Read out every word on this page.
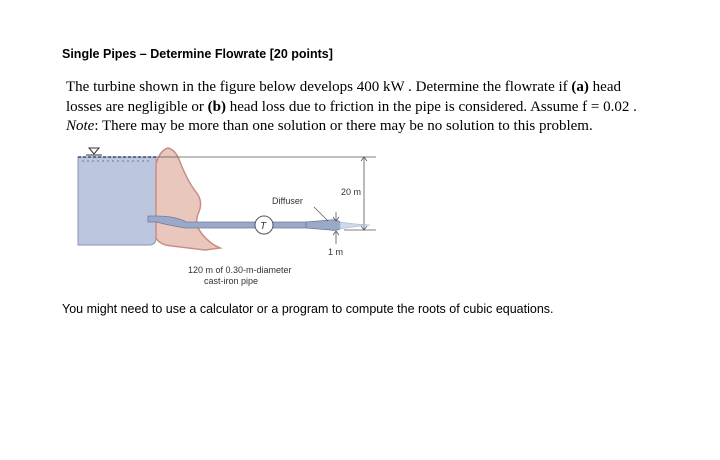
Single Pipes – Determine Flowrate [20 points]
The turbine shown in the figure below develops 400 kW . Determine the flowrate if (a) head
losses are negligible or (b) head loss due to friction in the pipe is considered. Assume f = 0.02 .
Note: There may be more than one solution or there may be no solution to this problem.
20 m
T
Diffuser
1 m
120 m of 0.30-m-diameter
cast-iron pipe
You might need to use a calculator or a program to compute the roots of cubic equations.
